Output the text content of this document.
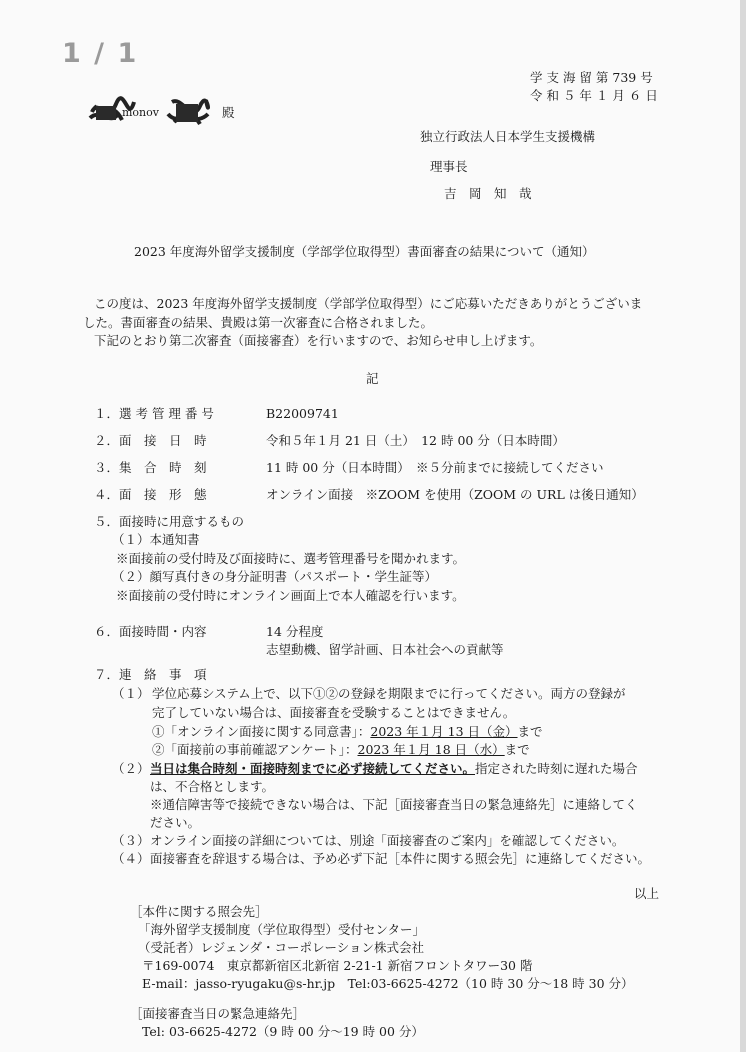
1 / 1
学 支 海 留 第 739 号
令 和 ５ 年 １ 月 ６ 日
monov	殿
独立行政法人日本学生支援機構
理事長
吉　岡　知　哉
2023 年度海外留学支援制度（学部学位取得型）書面審査の結果について（通知）
この度は、2023 年度海外留学支援制度（学部学位取得型）にご応募いただきありがとうございま
した。書面審査の結果、貴殿は第一次審査に合格されました。
下記のとおり第二次審査（面接審査）を行いますので、お知らせ申し上げます。
記
１．選 考 管 理 番 号	B22009741
２．面　接　日　時	令和５年１月 21 日（土）　12 時 00 分（日本時間）
３．集　合　時　刻	11 時 00 分（日本時間）　※５分前までに接続してください
４．面　接　形　態	オンライン面接　※ZOOM を使用（ZOOM の URL は後日通知）
５．面接時に用意するもの
（１）本通知書
※面接前の受付時及び面接時に、選考管理番号を聞かれます。
（２）顔写真付きの身分証明書（パスポート・学生証等）
※面接前の受付時にオンライン画面上で本人確認を行います。
６．面接時間・内容	14 分程度
志望動機、留学計画、日本社会への貢献等
７．連　絡　事　項
（１） 学位応募システム上で、以下①②の登録を期限までに行ってください。両方の登録が
完了していない場合は、面接審査を受験することはできません。
①「オンライン面接に関する同意書」：2023 年１月 13 日（金）まで
②「面接前の事前確認アンケート」：2023 年１月 18 日（水）まで
（２） 当日は集合時刻・面接時刻までに必ず接続してください。指定された時刻に遅れた場合
は、不合格とします。
※通信障害等で接続できない場合は、下記［面接審査当日の緊急連絡先］に連絡してく
ださい。
（３） オンライン面接の詳細については、別途「面接審査のご案内」を確認してください。
（４） 面接審査を辞退する場合は、予め必ず下記［本件に関する照会先］に連絡してください。
以上
［本件に関する照会先］
「海外留学支援制度（学位取得型）受付センター」
（受託者）レジェンダ・コーポレーション株式会社
〒169-0074　東京都新宿区北新宿 2-21-1 新宿フロントタワー30 階
E-mail：jasso-ryugaku@s-hr.jp　Tel:03-6625-4272（10 時 30 分～18 時 30 分）
［面接審査当日の緊急連絡先］
Tel: 03-6625-4272（9 時 00 分～19 時 00 分）
